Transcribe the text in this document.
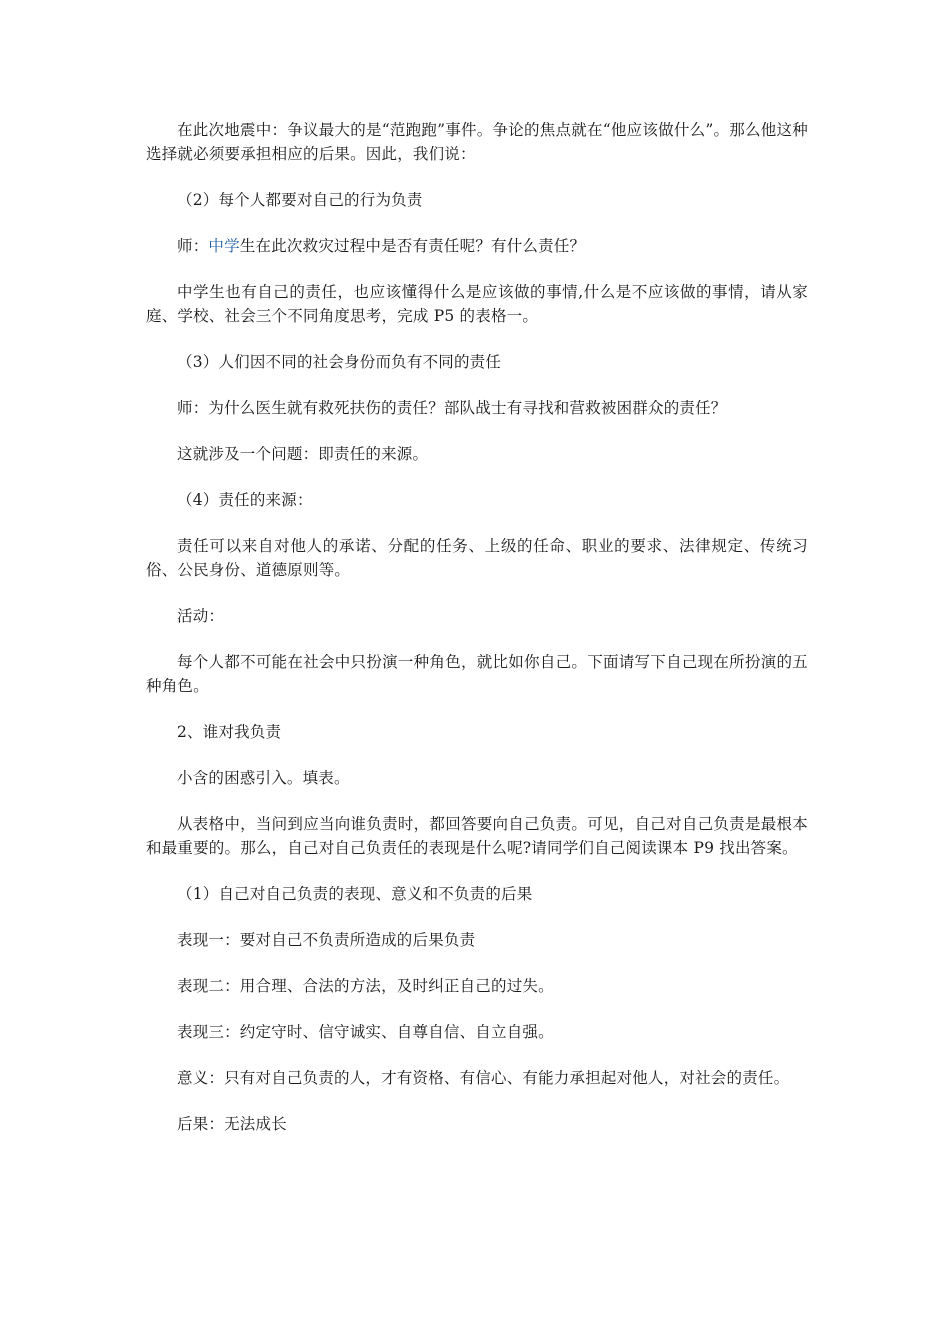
在此次地震中：争议最大的是“范跑跑”事件。争论的焦点就在“他应该做什么”。那么他这种选择就必须要承担相应的后果。因此，我们说：

（2）每个人都要对自己的行为负责

师：中学生在此次救灾过程中是否有责任呢？有什么责任？

中学生也有自己的责任，也应该懂得什么是应该做的事情,什么是不应该做的事情，请从家庭、学校、社会三个不同角度思考，完成 P5 的表格一。

（3）人们因不同的社会身份而负有不同的责任

师：为什么医生就有救死扶伤的责任？部队战士有寻找和营救被困群众的责任？

这就涉及一个问题：即责任的来源。

（4）责任的来源：

责任可以来自对他人的承诺、分配的任务、上级的任命、职业的要求、法律规定、传统习俗、公民身份、道德原则等。

活动：

每个人都不可能在社会中只扮演一种角色，就比如你自己。下面请写下自己现在所扮演的五种角色。

2、谁对我负责

小含的困惑引入。填表。

从表格中，当问到应当向谁负责时，都回答要向自己负责。可见，自己对自己负责是最根本和最重要的。那么，自己对自己负责任的表现是什么呢?请同学们自己阅读课本 P9 找出答案。

（1）自己对自己负责的表现、意义和不负责的后果

表现一：要对自己不负责所造成的后果负责

表现二：用合理、合法的方法，及时纠正自己的过失。

表现三：约定守时、信守诚实、自尊自信、自立自强。

意义：只有对自己负责的人，才有资格、有信心、有能力承担起对他人，对社会的责任。

后果：无法成长
